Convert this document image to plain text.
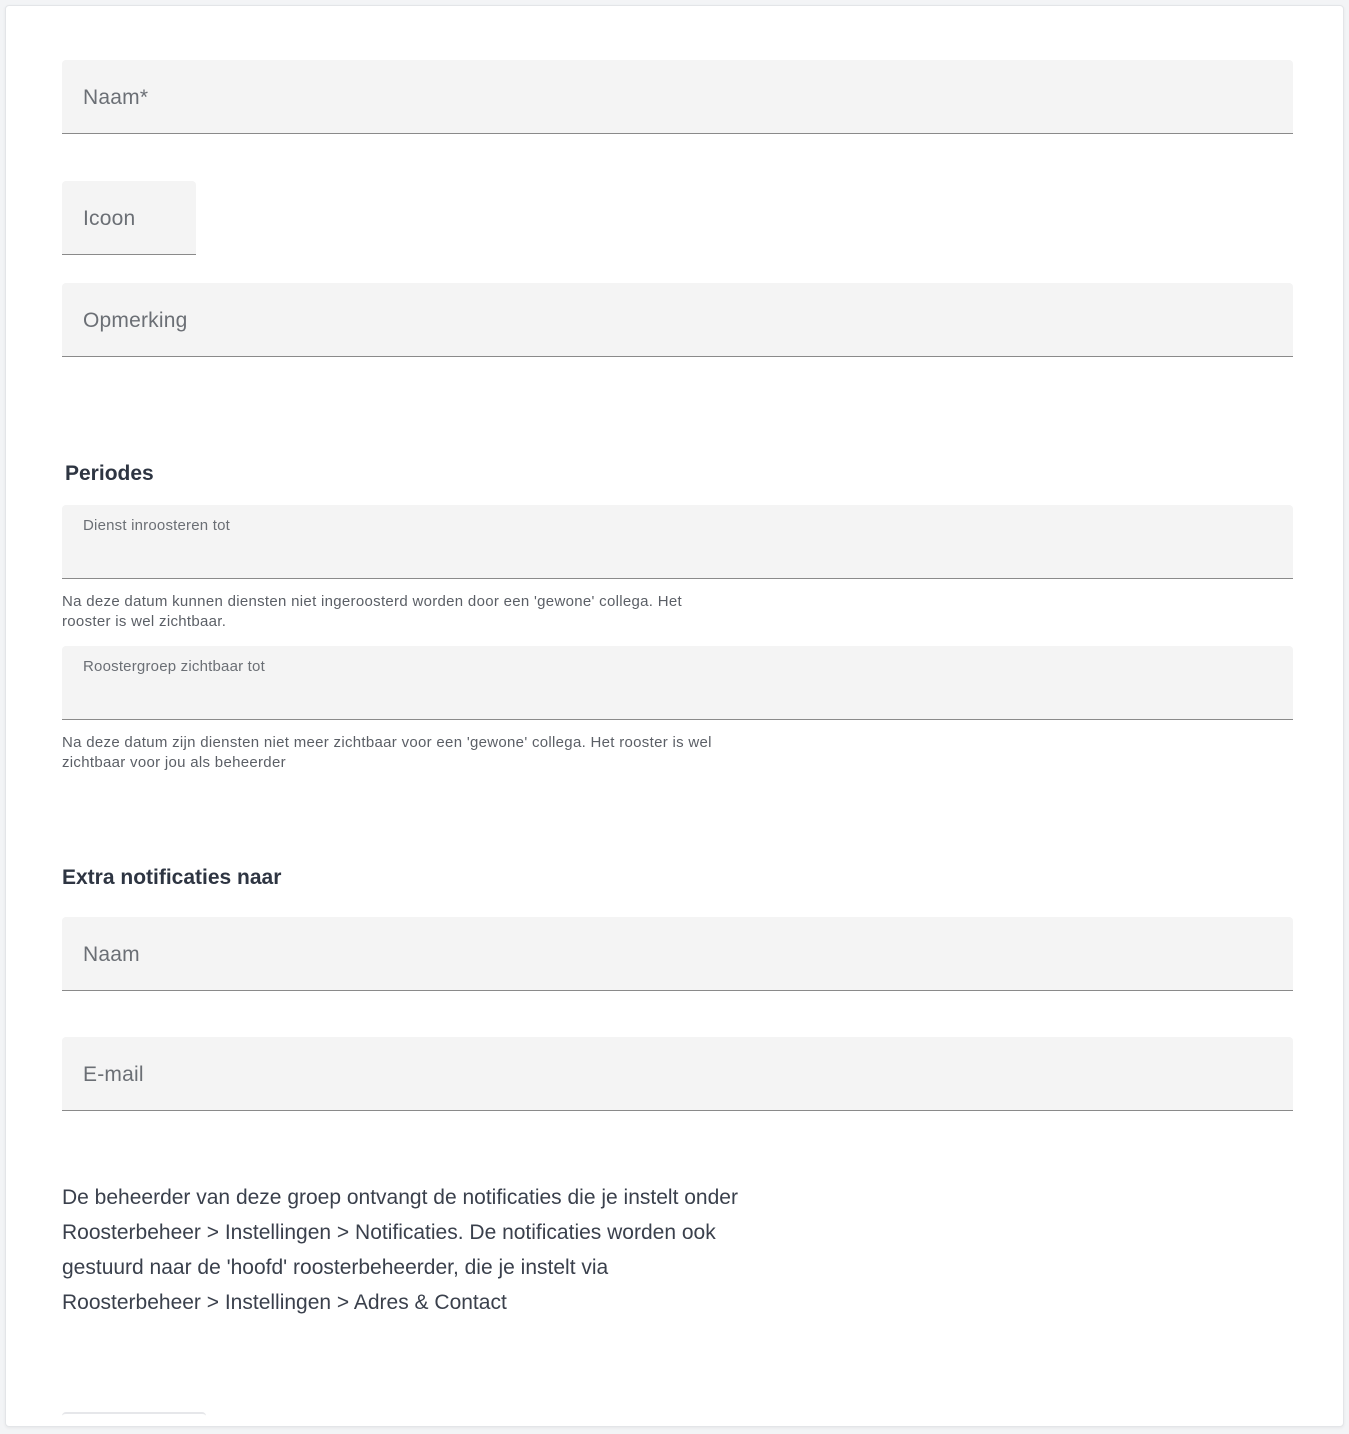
Naam*
Icoon
Opmerking
Periodes
Dienst inroosteren tot
Na deze datum kunnen diensten niet ingeroosterd worden door een 'gewone' collega. Het rooster is wel zichtbaar.
Roostergroep zichtbaar tot
Na deze datum zijn diensten niet meer zichtbaar voor een 'gewone' collega. Het rooster is wel zichtbaar voor jou als beheerder
Extra notificaties naar
Naam
E-mail
De beheerder van deze groep ontvangt de notificaties die je instelt onder Roosterbeheer > Instellingen > Notificaties. De notificaties worden ook gestuurd naar de 'hoofd' roosterbeheerder, die je instelt via Roosterbeheer > Instellingen > Adres & Contact
